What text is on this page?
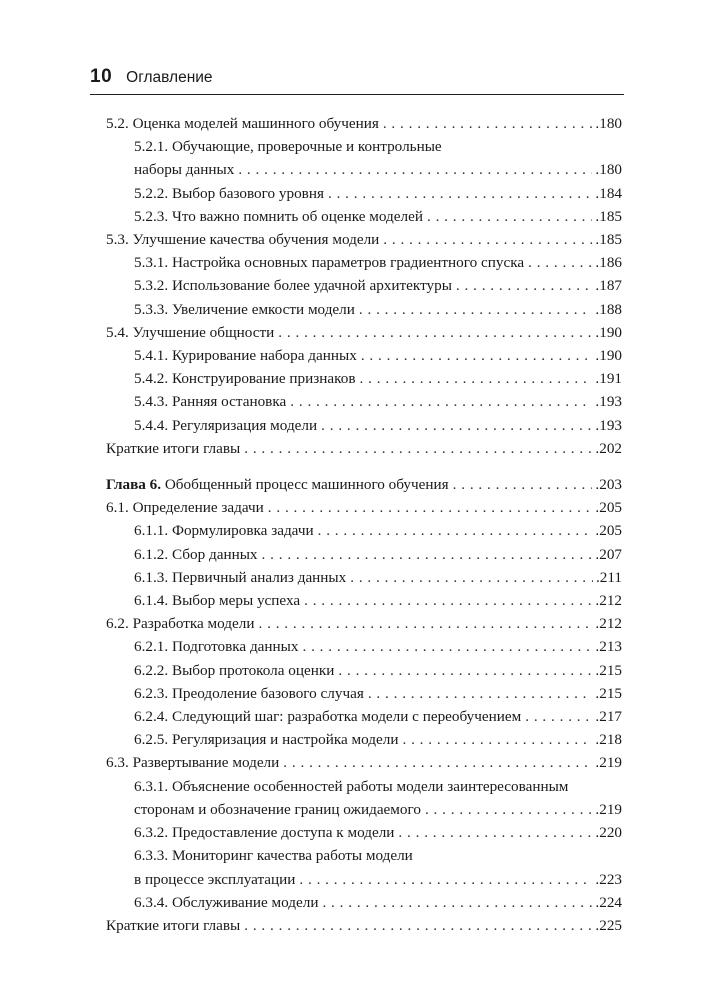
10 Оглавление
5.2. Оценка моделей машинного обучения . . .	.180
5.2.1. Обучающие, проверочные и контрольные
наборы данных . . .	.180
5.2.2. Выбор базового уровня . . .	.184
5.2.3. Что важно помнить об оценке моделей . . .	.185
5.3. Улучшение качества обучения модели . . .	.185
5.3.1. Настройка основных параметров градиентного спуска . . .	.186
5.3.2. Использование более удачной архитектуры . . .	.187
5.3.3. Увеличение емкости модели . . .	.188
5.4. Улучшение общности . . .	.190
5.4.1. Курирование набора данных . . .	.190
5.4.2. Конструирование признаков . . .	.191
5.4.3. Ранняя остановка . . .	.193
5.4.4. Регуляризация модели . . .	.193
Краткие итоги главы . . .	.202
Глава 6. Обобщенный процесс машинного обучения . . .	.203
6.1. Определение задачи . . .	.205
6.1.1. Формулировка задачи . . .	.205
6.1.2. Сбор данных . . .	.207
6.1.3. Первичный анализ данных . . .	.211
6.1.4. Выбор меры успеха . . .	.212
6.2. Разработка модели . . .	.212
6.2.1. Подготовка данных . . .	.213
6.2.2. Выбор протокола оценки . . .	.215
6.2.3. Преодоление базового случая . . .	.215
6.2.4. Следующий шаг: разработка модели с переобучением . . .	.217
6.2.5. Регуляризация и настройка модели . . .	.218
6.3. Развертывание модели . . .	.219
6.3.1. Объяснение особенностей работы модели заинтересованным
сторонам и обозначение границ ожидаемого . . .	.219
6.3.2. Предоставление доступа к модели . . .	.220
6.3.3. Мониторинг качества работы модели
в процессе эксплуатации . . .	.223
6.3.4. Обслуживание модели . . .	.224
Краткие итоги главы . . .	.225
